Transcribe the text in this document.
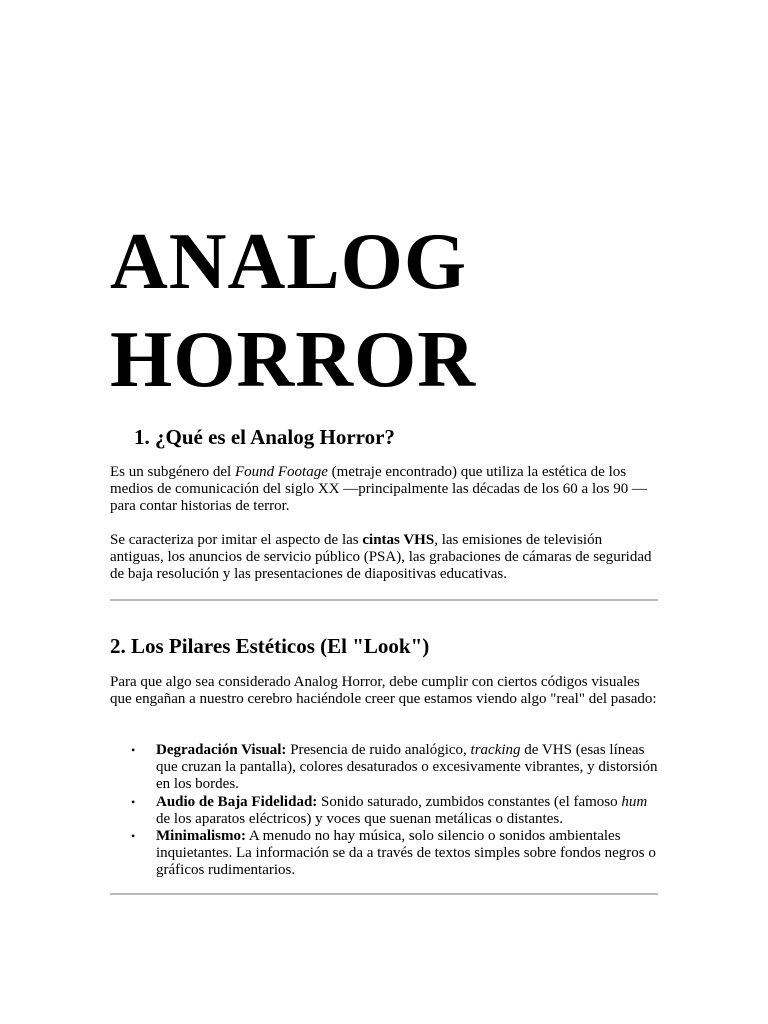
ANALOG
HORROR
1. ¿Qué es el Analog Horror?

Es un subgénero del Found Footage (metraje encontrado) que utiliza la estética de los medios de comunicación del siglo XX —principalmente las décadas de los 60 a los 90 — para contar historias de terror.

Se caracteriza por imitar el aspecto de las cintas VHS, las emisiones de televisión antiguas, los anuncios de servicio público (PSA), las grabaciones de cámaras de seguridad de baja resolución y las presentaciones de diapositivas educativas.

2. Los Pilares Estéticos (El "Look")

Para que algo sea considerado Analog Horror, debe cumplir con ciertos códigos visuales que engañan a nuestro cerebro haciéndole creer que estamos viendo algo "real" del pasado:

• Degradación Visual: Presencia de ruido analógico, tracking de VHS (esas líneas que cruzan la pantalla), colores desaturados o excesivamente vibrantes, y distorsión en los bordes.
• Audio de Baja Fidelidad: Sonido saturado, zumbidos constantes (el famoso hum de los aparatos eléctricos) y voces que suenan metálicas o distantes.
• Minimalismo: A menudo no hay música, solo silencio o sonidos ambientales inquietantes. La información se da a través de textos simples sobre fondos negros o gráficos rudimentarios.
